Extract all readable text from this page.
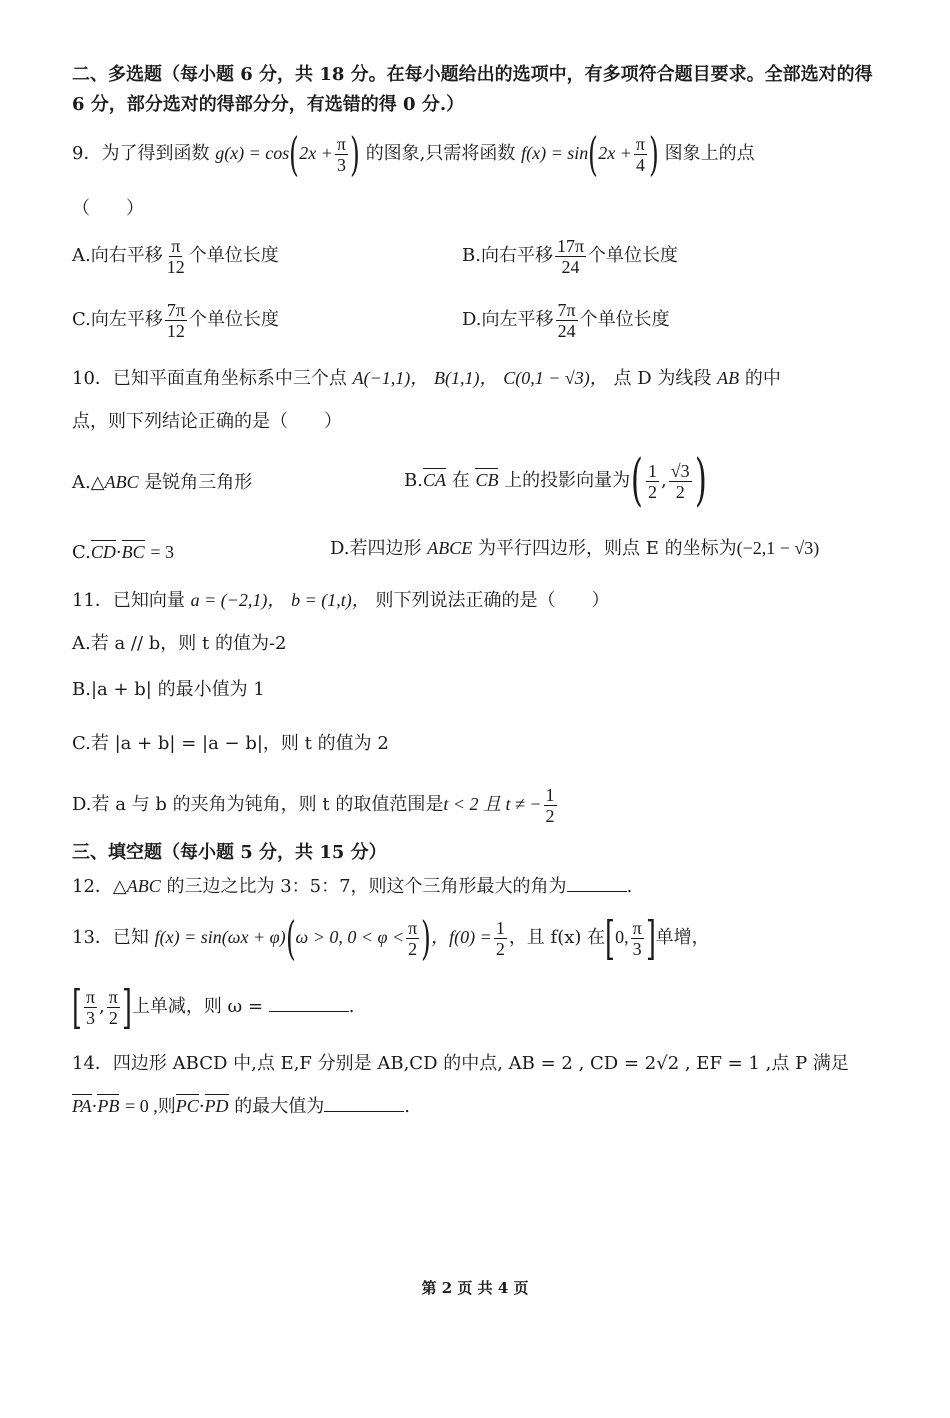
二、多选题（每小题 6 分，共 18 分。在每小题给出的选项中，有多项符合题目要求。全部选对的得 6 分，部分选对的得部分分，有选错的得 0 分.）
9．为了得到函数 $g(x) = \cos(2x + \frac{\pi}{3}$ ) 的图象,只需将函数 $f(x) = \sin(2x + \frac{\pi}{4}$ ) 图象上的点
（　　）
A.向右平移 $\frac{\pi}{12}$ 个单位长度	B.向右平移 $\frac{17\pi}{24}$ 个单位长度
C.向左平移 $\frac{7\pi}{12}$ 个单位长度	D.向左平移 $\frac{7\pi}{24}$ 个单位长度
10．已知平面直角坐标系中三个点 A(−1,1)， B(1,1)， C(0,1 − √3)， 点 D 为线段 AB 的中
点，则下列结论正确的是（　　）
A.△ABC 是锐角三角形	B.CA 在 CB 上的投影向量为( $\frac{1}{2}$ , $\frac{√3}{2}$ )
C.CD·BC = 3	D.若四边形 ABCE 为平行四边形，则点 E 的坐标为(−2,1 − √3)
11．已知向量 a = (−2,1)， b = (1,t)， 则下列说法正确的是（　　）
A.若 a // b，则 t 的值为-2
B.|a + b| 的最小值为 1
C.若 |a + b| = |a − b|，则 t 的值为 2
D.若 a 与 b 的夹角为钝角，则 t 的取值范围是t < 2 且 t ≠ − $\frac{1}{2}$
三、填空题（每小题 5 分，共 15 分）
12．△ABC 的三边之比为 3：5：7，则这个三角形最大的角为	.
13．已知 f(x) = sin(ωx + φ)(ω > 0, $0 < \varphi < \frac{\pi}{2}$ )，$f(0) = \frac{1}{2}$ ，且 f(x) 在[0, $\frac{\pi}{3}$ ]单增，
[ $\frac{\pi}{3}$ , $\frac{\pi}{2}$ ]上单减，则 ω =	.
14．四边形 ABCD 中,点 E,F 分别是 AB,CD 的中点, AB = 2 , CD = 2√2 , EF = 1 ,点 P 满足
PA·PB = 0 ,则PC·PD 的最大值为	.
第 2 页 共 4 页
